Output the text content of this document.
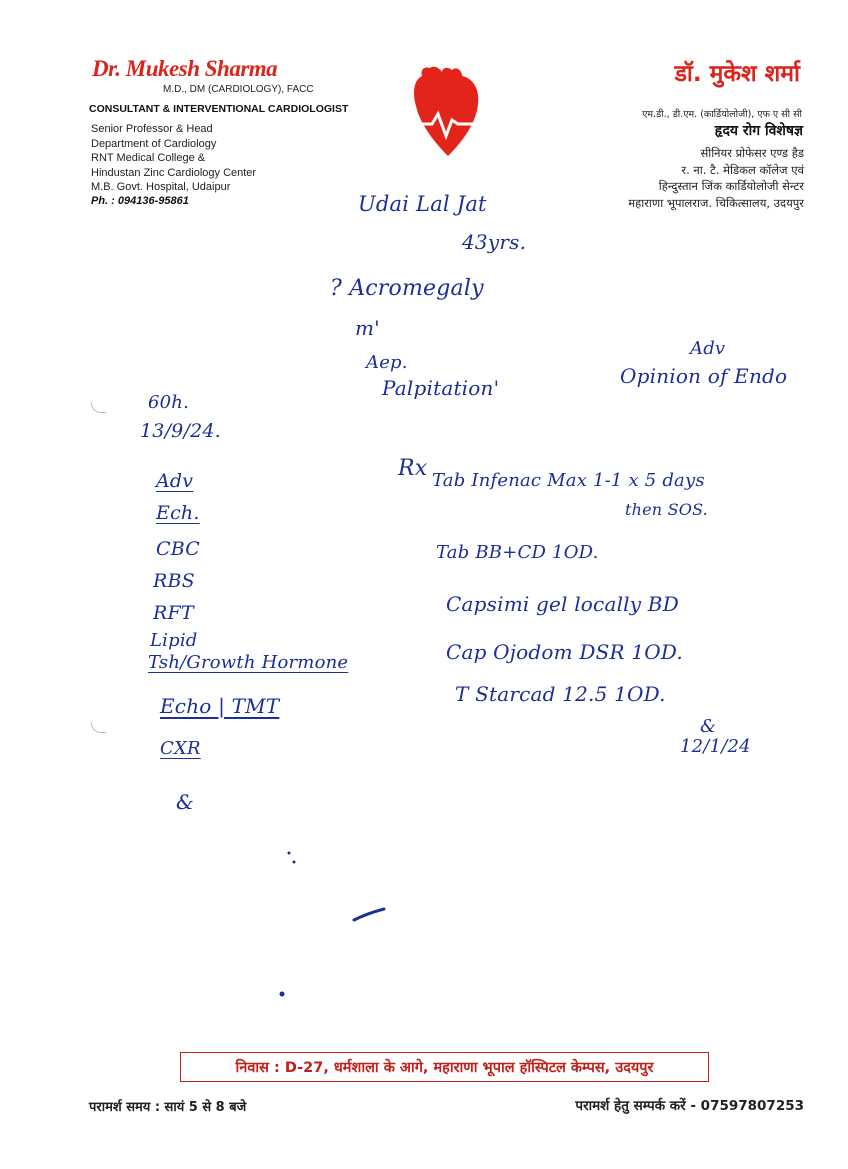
Dr. Mukesh Sharma
M.D., DM (CARDIOLOGY), FACC
CONSULTANT & INTERVENTIONAL CARDIOLOGIST
Senior Professor & Head
Department of Cardiology
RNT Medical College &
Hindustan Zinc Cardiology Center
M.B. Govt. Hospital, Udaipur
Ph. : 094136-95861
डॉ. मुकेश शर्मा
एम.डी., डी.एम. (कार्डियोलोजी), एफ ए सी सी
हृदय रोग विशेषज्ञ
सीनियर प्रोफेसर एण्ड हैड
र. ना. टै. मेडिकल कॉलेज एवं
हिन्दुस्तान जिंक कार्डियोलोजी सेन्टर
महाराणा भूपालराज. चिकित्सालय, उदयपुर
Udai Lal Jat
43yrs.
? Acromegaly
m'
Aep.
Palpitation'
Adv
Opinion of Endo
60h.
13/9/24.
Adv
Ech.
CBC
RBS
RFT
Lipid
Tsh/Growth Hormone
Echo | TMT
CXR
&
Rx Tab Infenac Max 1-1 x 5 days
then SOS.
Tab BB+CD 1OD.
Capsimi gel locally BD
Cap Ojodom DSR 1OD.
T Starcad 12.5 1OD.
&
12/1/24
निवास : D-27, धर्मशाला के आगे, महाराणा भूपाल हॉस्पिटल केम्पस, उदयपुर
परामर्श समय : सायं 5 से 8 बजे	परामर्श हेतु सम्पर्क करें - 07597807253
